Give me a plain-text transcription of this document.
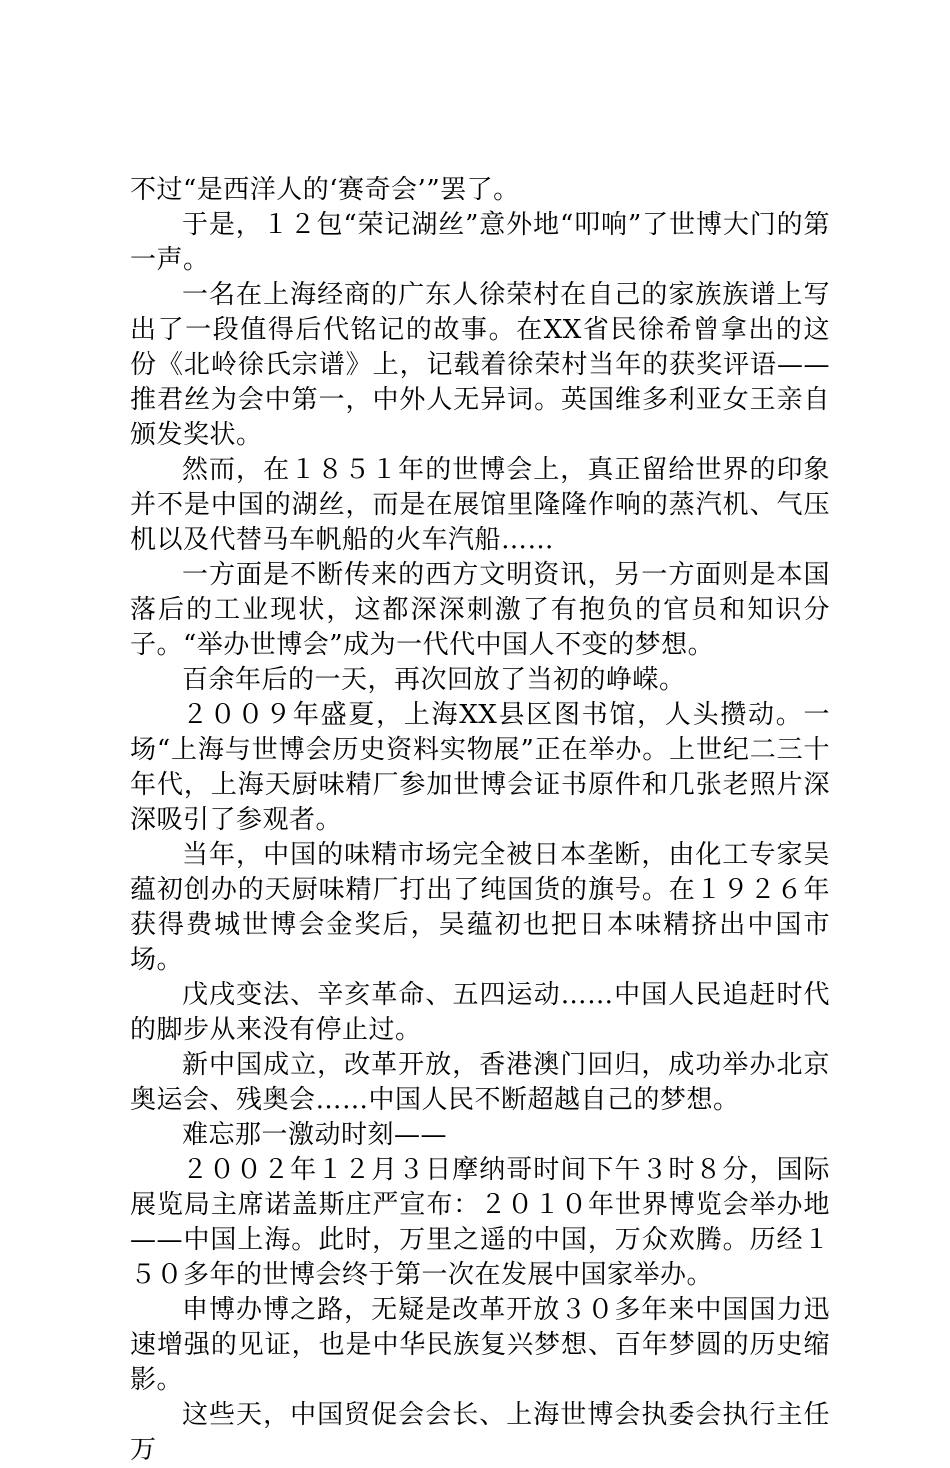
不过“是西洋人的‘赛奇会’”罢了。

于是，１２包“荣记湖丝”意外地“叩响”了世博大门的第一声。

一名在上海经商的广东人徐荣村在自己的家族族谱上写出了一段值得后代铭记的故事。在XX省民徐希曾拿出的这份《北岭徐氏宗谱》上，记载着徐荣村当年的获奖评语——推君丝为会中第一，中外人无异词。英国维多利亚女王亲自颁发奖状。

然而，在１８５１年的世博会上，真正留给世界的印象并不是中国的湖丝，而是在展馆里隆隆作响的蒸汽机、气压机以及代替马车帆船的火车汽船……

一方面是不断传来的西方文明资讯，另一方面则是本国落后的工业现状，这都深深刺激了有抱负的官员和知识分子。“举办世博会”成为一代代中国人不变的梦想。

百余年后的一天，再次回放了当初的峥嵘。

２００９年盛夏，上海XX县区图书馆，人头攒动。一场“上海与世博会历史资料实物展”正在举办。上世纪二三十年代，上海天厨味精厂参加世博会证书原件和几张老照片深深吸引了参观者。

当年，中国的味精市场完全被日本垄断，由化工专家吴蕴初创办的天厨味精厂打出了纯国货的旗号。在１９２６年获得费城世博会金奖后，吴蕴初也把日本味精挤出中国市场。

戊戌变法、辛亥革命、五四运动……中国人民追赶时代的脚步从来没有停止过。

新中国成立，改革开放，香港澳门回归，成功举办北京奥运会、残奥会……中国人民不断超越自己的梦想。

难忘那一激动时刻——

２００２年１２月３日摩纳哥时间下午３时８分，国际展览局主席诺盖斯庄严宣布：２０１０年世界博览会举办地——中国上海。此时，万里之遥的中国，万众欢腾。历经１５０多年的世博会终于第一次在发展中国家举办。

申博办博之路，无疑是改革开放３０多年来中国国力迅速增强的见证，也是中华民族复兴梦想、百年梦圆的历史缩影。

这些天，中国贸促会会长、上海世博会执委会执行主任万
